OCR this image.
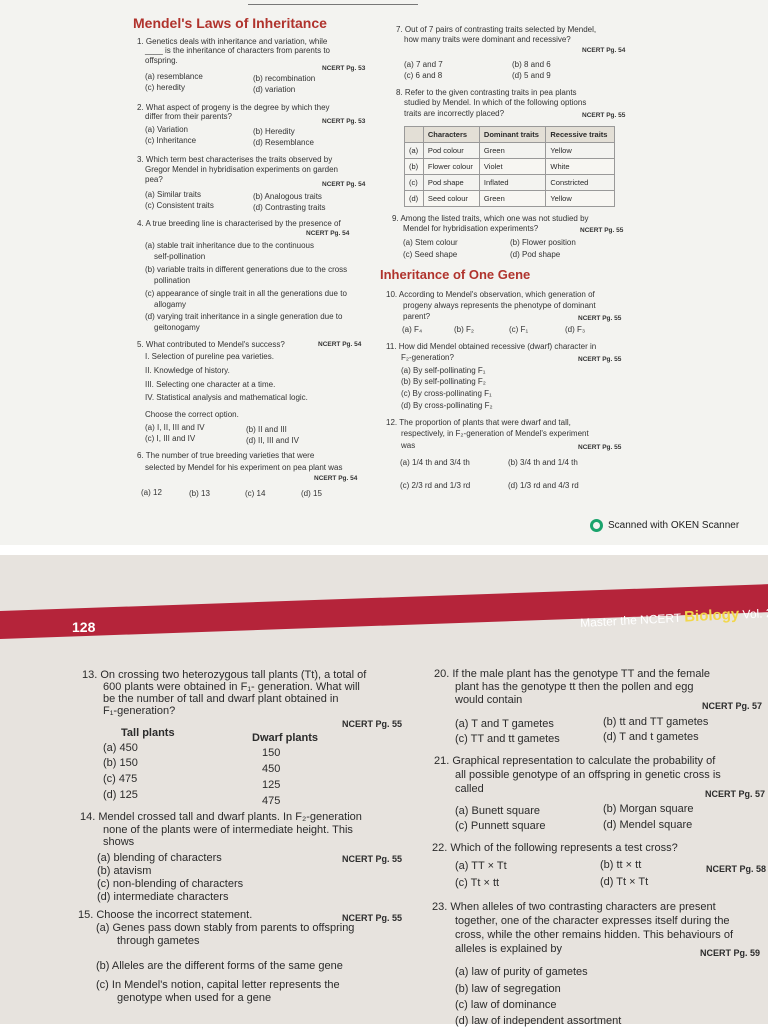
Mendel's Laws of Inheritance
1. Genetics deals with inheritance and variation, while
____ is the inheritance of characters from parents to
offspring.
NCERT Pg. 53
(a) resemblance	(b) recombination
(c) heredity	(d) variation
2. What aspect of progeny is the degree by which they
differ from their parents?
NCERT Pg. 53
(a) Variation	(b) Heredity
(c) Inheritance	(d) Resemblance
3. Which term best characterises the traits observed by
Gregor Mendel in hybridisation experiments on garden
pea?
NCERT Pg. 54
(a) Similar traits	(b) Analogous traits
(c) Consistent traits	(d) Contrasting traits
4. A true breeding line is characterised by the presence of
NCERT Pg. 54
(a) stable trait inheritance due to the continuous
self-pollination
(b) variable traits in different generations due to the cross
pollination
(c) appearance of single trait in all the generations due to
allogamy
(d) varying trait inheritance in a single generation due to
geitonogamy
5. What contributed to Mendel's success?	NCERT Pg. 54
I. Selection of pureline pea varieties.
II. Knowledge of history.
III. Selecting one character at a time.
IV. Statistical analysis and mathematical logic.
Choose the correct option.
(a) I, II, III and IV	(b) II and III
(c) I, III and IV	(d) II, III and IV
6. The number of true breeding varieties that were
selected by Mendel for his experiment on pea plant was
NCERT Pg. 54
(a) 12	(b) 13	(c) 14	(d) 15
7. Out of 7 pairs of contrasting traits selected by Mendel,
how many traits were dominant and recessive?
NCERT Pg. 54
(a) 7 and 7	(b) 8 and 6
(c) 6 and 8	(d) 5 and 9
8. Refer to the given contrasting traits in pea plants
studied by Mendel. In which of the following options
traits are incorrectly placed?	NCERT Pg. 55
	Characters	Dominant traits	Recessive traits
(a)	Pod colour	Green	Yellow
(b)	Flower colour	Violet	White
(c)	Pod shape	Inflated	Constricted
(d)	Seed colour	Green	Yellow
9. Among the listed traits, which one was not studied by
Mendel for hybridisation experiments?	NCERT Pg. 55
(a) Stem colour	(b) Flower position
(c) Seed shape	(d) Pod shape
Inheritance of One Gene
10. According to Mendel's observation, which generation of
progeny always represents the phenotype of dominant
parent?	NCERT Pg. 55
(a) F₄	(b) F₂	(c) F₁	(d) F₃
11. How did Mendel obtained recessive (dwarf) character in
F₂-generation?	NCERT Pg. 55
(a) By self-pollinating F₁
(b) By self-pollinating F₂
(c) By cross-pollinating F₁
(d) By cross-pollinating F₂
12. The proportion of plants that were dwarf and tall,
respectively, in F₂-generation of Mendel's experiment
was	NCERT Pg. 55
(a) 1/4 th and 3/4 th	(b) 3/4 th and 1/4 th
(c) 2/3 rd and 1/3 rd	(d) 1/3 rd and 4/3 rd
Scanned with OKEN Scanner
128	Master the NCERT Biology Vol. 2
13. On crossing two heterozygous tall plants (Tt), a total of
600 plants were obtained in F₁- generation. What will
be the number of tall and dwarf plant obtained in
F₁-generation?
NCERT Pg. 55
Tall plants	Dwarf plants
(a) 450	150
(b) 150	450
(c) 475	125
(d) 125	475
14. Mendel crossed tall and dwarf plants. In F₂-generation
none of the plants were of intermediate height. This
shows
NCERT Pg. 55
(a) blending of characters
(b) atavism
(c) non-blending of characters
(d) intermediate characters
15. Choose the incorrect statement.	NCERT Pg. 55
(a) Genes pass down stably from parents to offspring
through gametes
(b) Alleles are the different forms of the same gene
(c) In Mendel's notion, capital letter represents the
genotype when used for a gene
20. If the male plant has the genotype TT and the female
plant has the genotype tt then the pollen and egg
would contain	NCERT Pg. 57
(a) T and T gametes	(b) tt and TT gametes
(c) TT and tt gametes	(d) T and t gametes
21. Graphical representation to calculate the probability of
all possible genotype of an offspring in genetic cross is
called	NCERT Pg. 57
(a) Bunett square	(b) Morgan square
(c) Punnett square	(d) Mendel square
22. Which of the following represents a test cross?
NCERT Pg. 58
(a) TT × Tt	(b) tt × tt
(c) Tt × tt	(d) Tt × Tt
23. When alleles of two contrasting characters are present
together, one of the character expresses itself during the
cross, while the other remains hidden. This behaviours of
alleles is explained by	NCERT Pg. 59
(a) law of purity of gametes
(b) law of segregation
(c) law of dominance
(d) law of independent assortment
